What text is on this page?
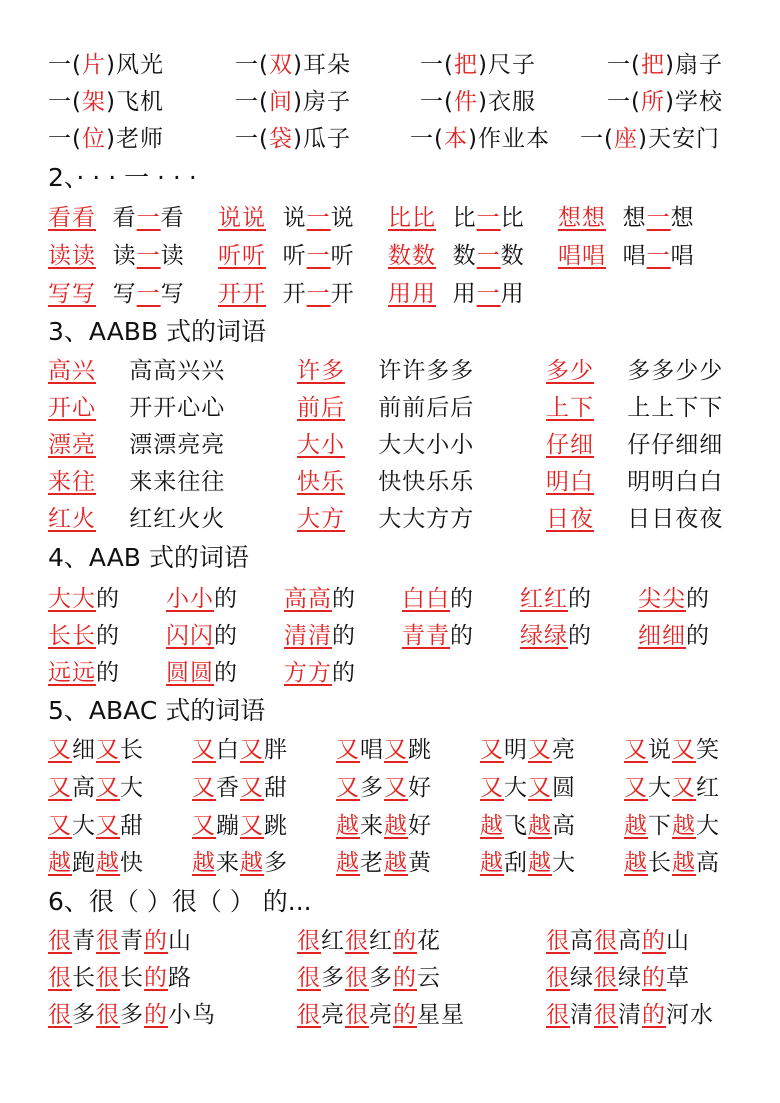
一(片)风光	一(双)耳朵	一(把)尺子	一(把)扇子
一(架)飞机	一(间)房子	一(件)衣服	一(所)学校
一(位)老师	一(袋)瓜子	一(本)作业本 一(座)天安门
2、· · · 一 · · ·
看看 看一看 说说 说一说 比比 比一比 想想 想一想
读读 读一读 听听 听一听 数数 数一数 唱唱 唱一唱
写写 写一写 开开 开一开 用用 用一用
3、AABB 式的词语
高兴 高高兴兴	许多 许许多多	多少 多多少少
开心 开开心心	前后 前前后后	上下 上上下下
漂亮 漂漂亮亮	大小 大大小小	仔细 仔仔细细
来往 来来往往	快乐 快快乐乐	明白 明明白白
红火 红红火火	大方 大大方方	日夜 日日夜夜
4、AAB 式的词语
大大的 小小的 高高的 白白的 红红的 尖尖的
长长的 闪闪的 清清的 青青的 绿绿的 细细的
远远的 圆圆的 方方的
5、ABAC 式的词语
又细又长 又白又胖 又唱又跳 又明又亮 又说又笑
又高又大 又香又甜 又多又好 又大又圆 又大又红
又大又甜 又蹦又跳 越来越好 越飞越高 越下越大
越跑越快 越来越多 越老越黄 越刮越大 越长越高
6、很（ ）很（ ） 的...
很青很青的山	很红很红的花	很高很高的山
很长很长的路	很多很多的云	很绿很绿的草
很多很多的小鸟	很亮很亮的星星	很清很清的河水
